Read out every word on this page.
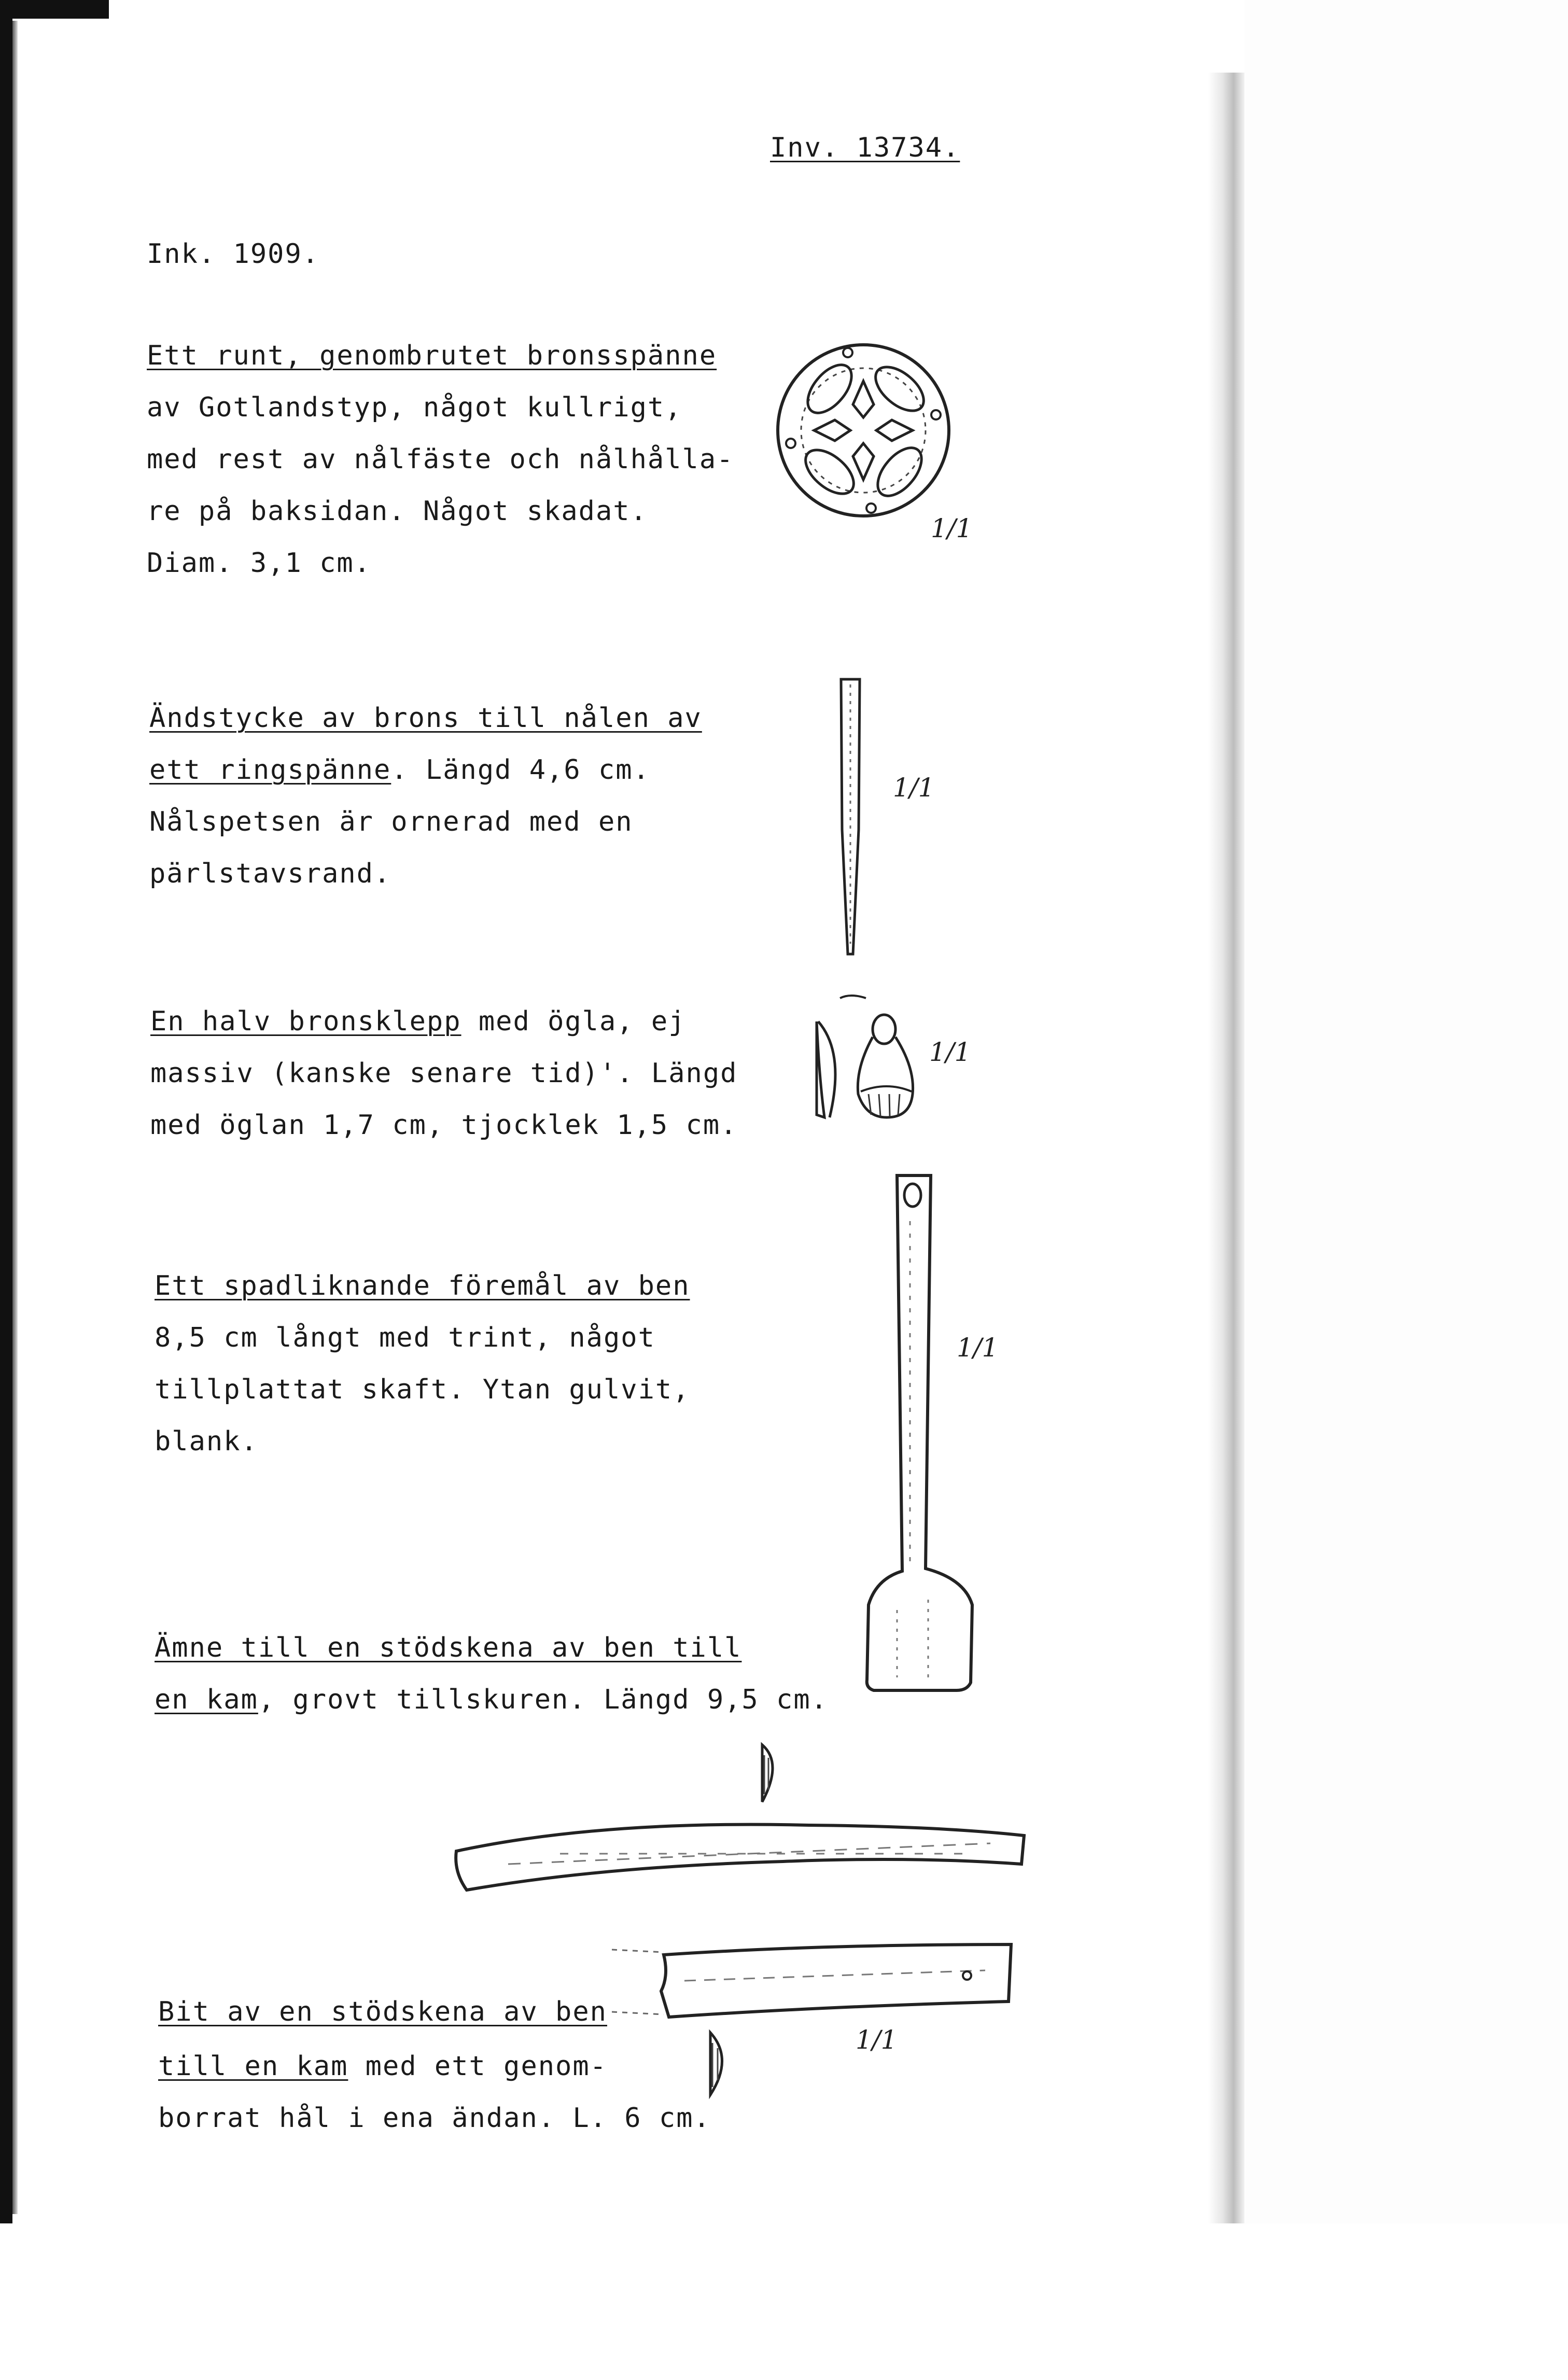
Inv. 13734.
Ink. 1909.
Ett runt, genombrutet bronsspänne
av Gotlandstyp, något kullrigt,
med rest av nålfäste och nålhålla-
re på baksidan. Något skadat.
Diam. 3,1 cm.
1/1
Ändstycke av brons till nålen av
ett ringspänne. Längd 4,6 cm.
Nålspetsen är ornerad med en
pärlstavsrand.
1/1
En halv bronsklepp med ögla, ej
massiv (kanske senare tid)'. Längd
med öglan 1,7 cm, tjocklek 1,5 cm.
1/1
Ett spadliknande föremål av ben
8,5 cm långt med trint, något
tillplattat skaft. Ytan gulvit,
blank.
1/1
Ämne till en stödskena av ben till
en kam, grovt tillskuren. Längd 9,5 cm.
Bit av en stödskena av ben
till en kam med ett genom-
borrat hål i ena ändan. L. 6 cm.
1/1
